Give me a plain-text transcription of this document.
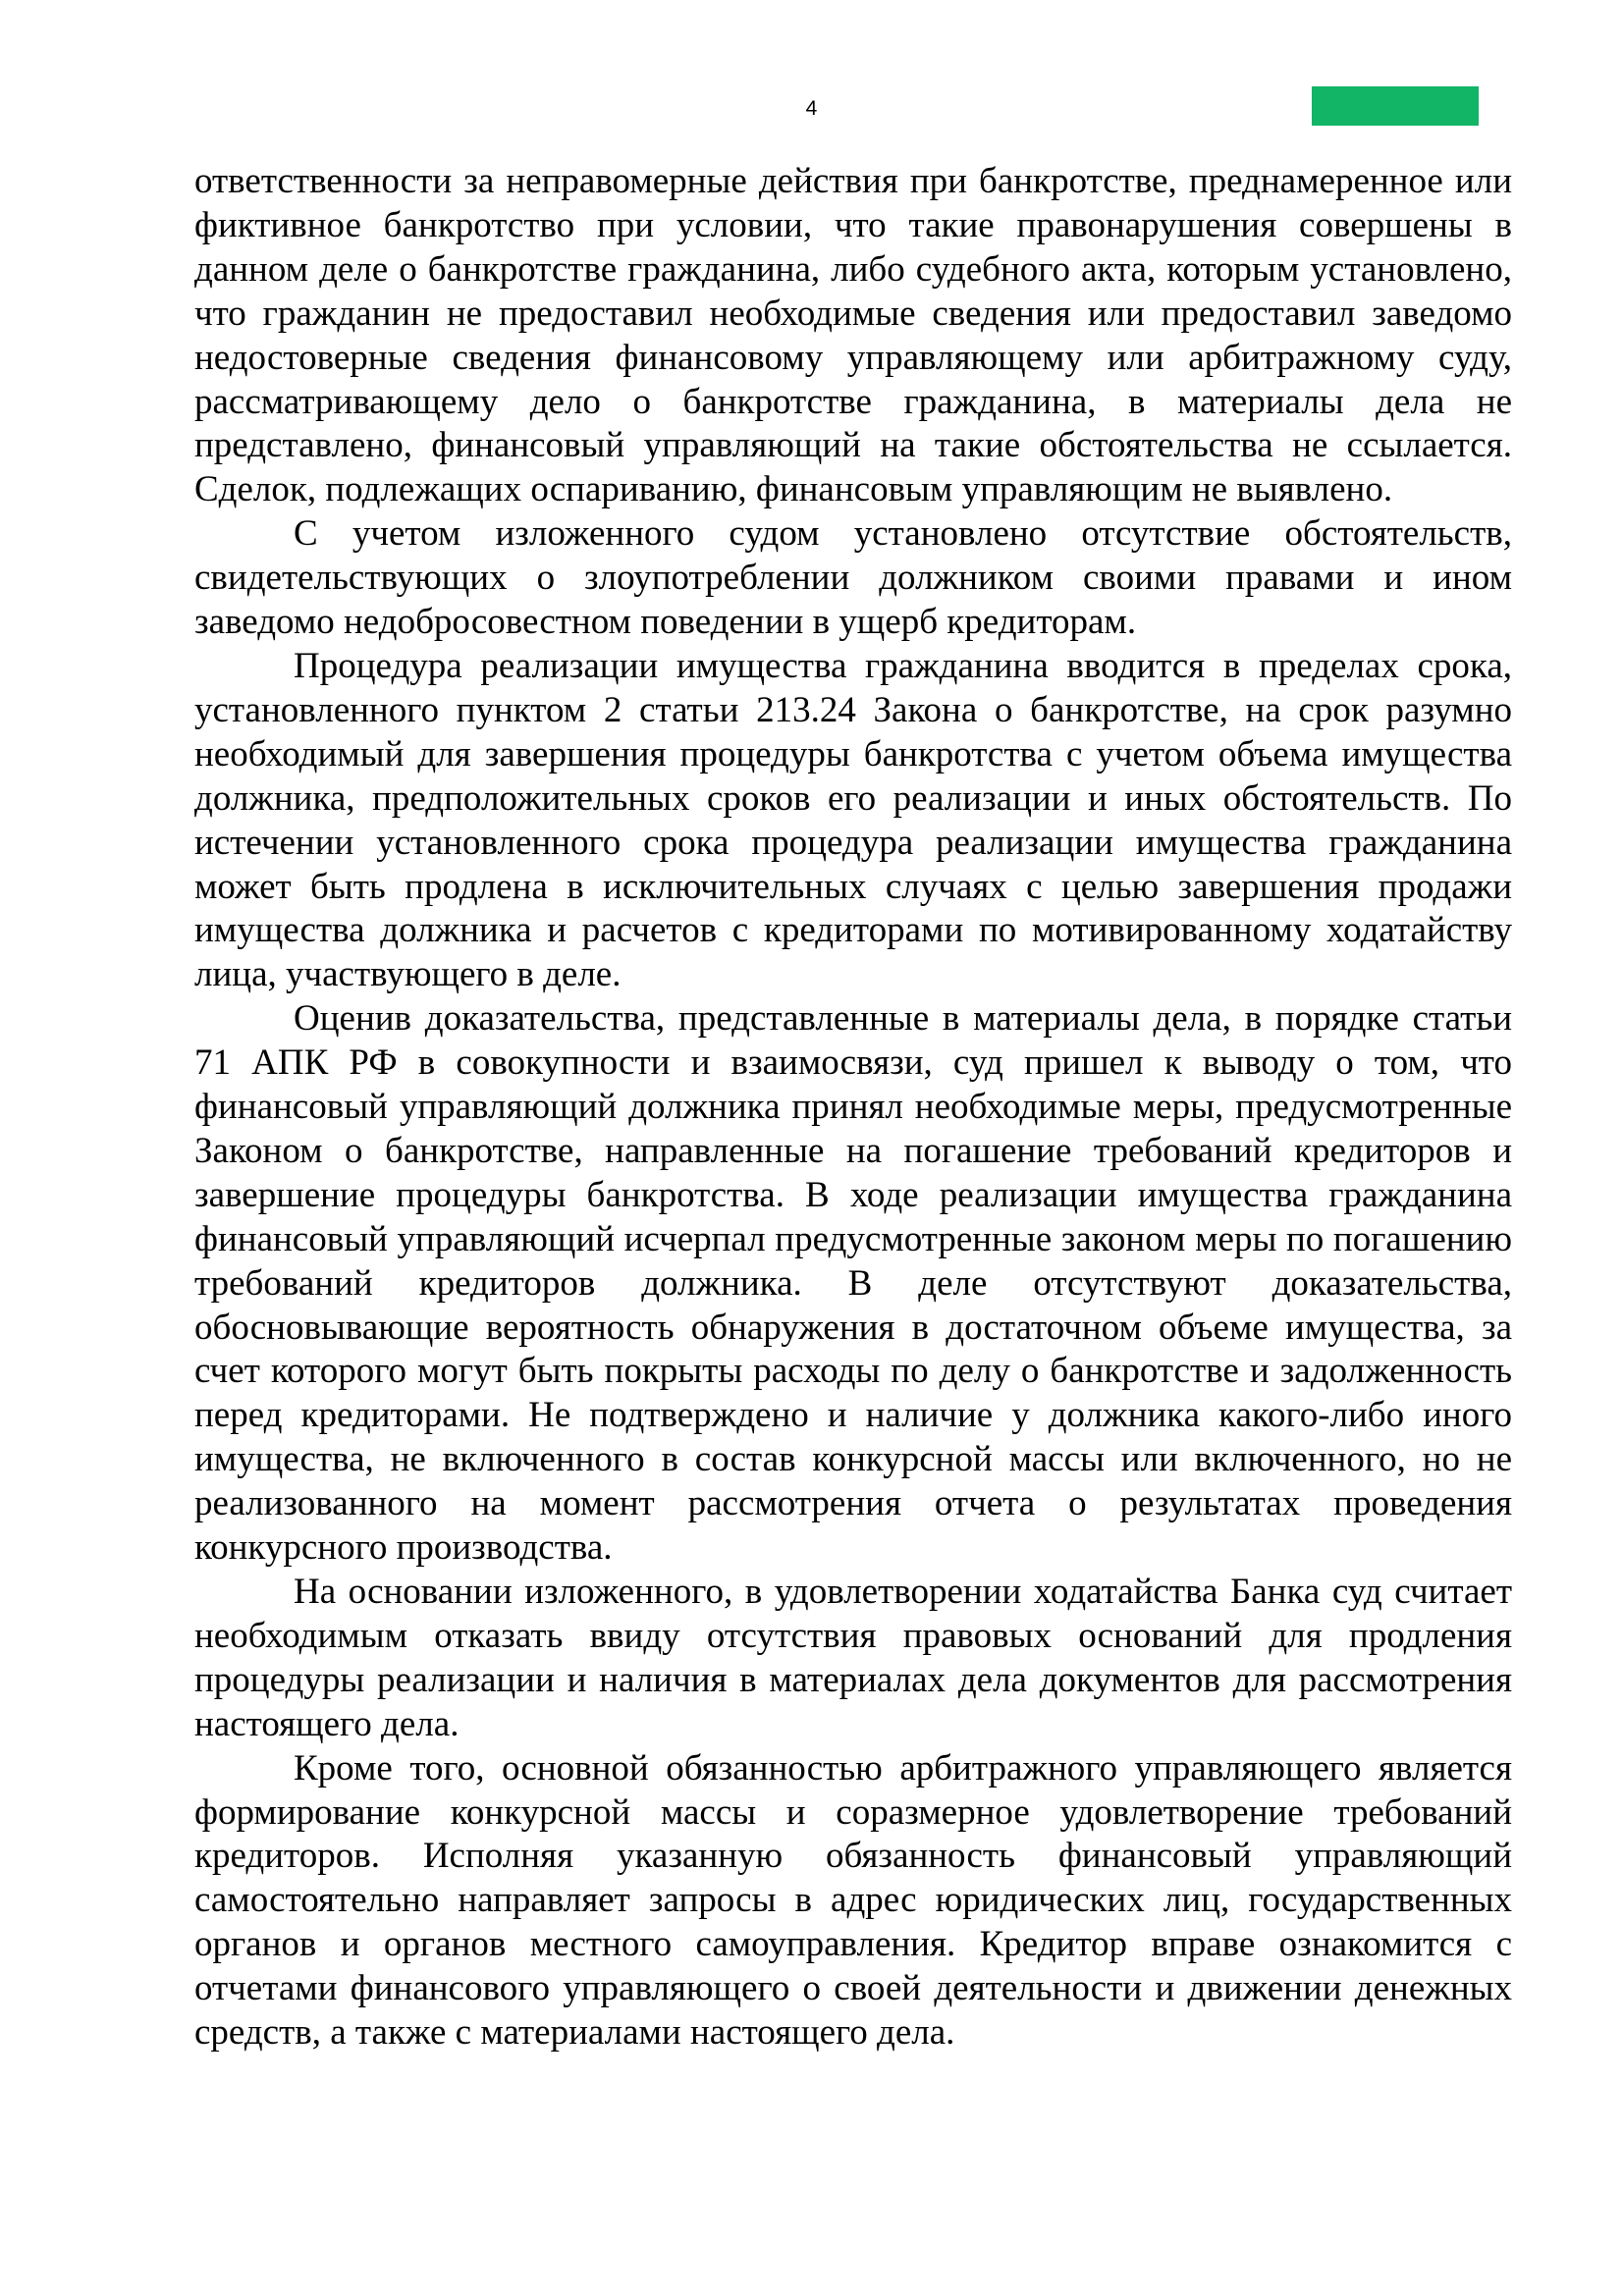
4

ответственности за неправомерные действия при банкротстве, преднамеренное или фиктивное банкротство при условии, что такие правонарушения совершены в данном деле о банкротстве гражданина, либо судебного акта, которым установлено, что гражданин не предоставил необходимые сведения или предоставил заведомо недостоверные сведения финансовому управляющему или арбитражному суду, рассматривающему дело о банкротстве гражданина, в материалы дела не представлено, финансовый управляющий на такие обстоятельства не ссылается. Сделок, подлежащих оспариванию, финансовым управляющим не выявлено.

С учетом изложенного судом установлено отсутствие обстоятельств, свидетельствующих о злоупотреблении должником своими правами и ином заведомо недобросовестном поведении в ущерб кредиторам.

Процедура реализации имущества гражданина вводится в пределах срока, установленного пунктом 2 статьи 213.24 Закона о банкротстве, на срок разумно необходимый для завершения процедуры банкротства с учетом объема имущества должника, предположительных сроков его реализации и иных обстоятельств. По истечении установленного срока процедура реализации имущества гражданина может быть продлена в исключительных случаях с целью завершения продажи имущества должника и расчетов с кредиторами по мотивированному ходатайству лица, участвующего в деле.

Оценив доказательства, представленные в материалы дела, в порядке статьи 71 АПК РФ в совокупности и взаимосвязи, суд пришел к выводу о том, что финансовый управляющий должника принял необходимые меры, предусмотренные Законом о банкротстве, направленные на погашение требований кредиторов и завершение процедуры банкротства. В ходе реализации имущества гражданина финансовый управляющий исчерпал предусмотренные законом меры по погашению требований кредиторов должника. В деле отсутствуют доказательства, обосновывающие вероятность обнаружения в достаточном объеме имущества, за счет которого могут быть покрыты расходы по делу о банкротстве и задолженность перед кредиторами. Не подтверждено и наличие у должника какого-либо иного имущества, не включенного в состав конкурсной массы или включенного, но не реализованного на момент рассмотрения отчета о результатах проведения конкурсного производства.

На основании изложенного, в удовлетворении ходатайства Банка суд считает необходимым отказать ввиду отсутствия правовых оснований для продления процедуры реализации и наличия в материалах дела документов для рассмотрения настоящего дела.

Кроме того, основной обязанностью арбитражного управляющего является формирование конкурсной массы и соразмерное удовлетворение требований кредиторов. Исполняя указанную обязанность финансовый управляющий самостоятельно направляет запросы в адрес юридических лиц, государственных органов и органов местного самоуправления. Кредитор вправе ознакомится с отчетами финансового управляющего о своей деятельности и движении денежных средств, а также с материалами настоящего дела.
